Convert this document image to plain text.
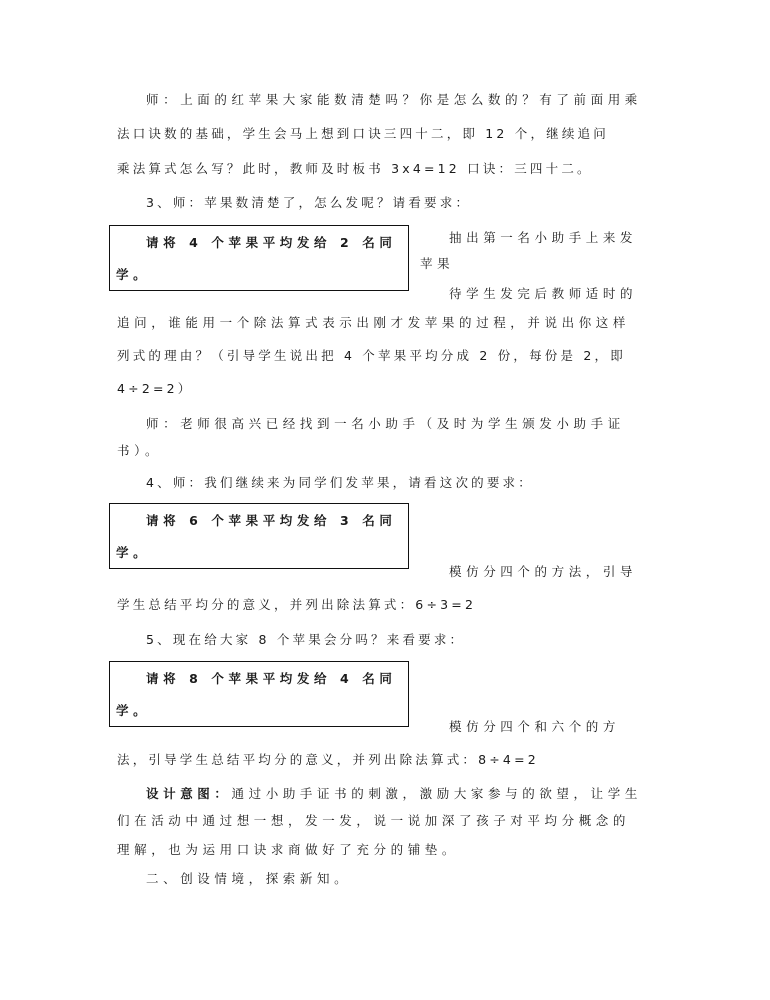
师：上面的红苹果大家能数清楚吗？你是怎么数的？有了前面用乘
法口诀数的基础，学生会马上想到口诀三四十二，即 12 个，继续追问
乘法算式怎么写？此时，教师及时板书 3x4=12 口诀：三四十二。
3、师：苹果数清楚了，怎么发呢？请看要求：
请将 4 个苹果平均发给 2 名同
学。
抽出第一名小助手上来发
苹果
待学生发完后教师适时的
追问，谁能用一个除法算式表示出刚才发苹果的过程，并说出你这样
列式的理由？（引导学生说出把 4 个苹果平均分成 2 份，每份是 2，即
4÷2=2）
师：老师很高兴已经找到一名小助手（及时为学生颁发小助手证
书）。
4、师：我们继续来为同学们发苹果，请看这次的要求：
请将 6 个苹果平均发给 3 名同
学。
模仿分四个的方法，引导
学生总结平均分的意义，并列出除法算式：6÷3=2
5、现在给大家 8 个苹果会分吗？来看要求：
请将 8 个苹果平均发给 4 名同
学。
模仿分四个和六个的方
法，引导学生总结平均分的意义，并列出除法算式：8÷4=2
设计意图：通过小助手证书的刺激，激励大家参与的欲望，让学生
们在活动中通过想一想，发一发，说一说加深了孩子对平均分概念的
理解，也为运用口诀求商做好了充分的铺垫。
二、创设情境，探索新知。
